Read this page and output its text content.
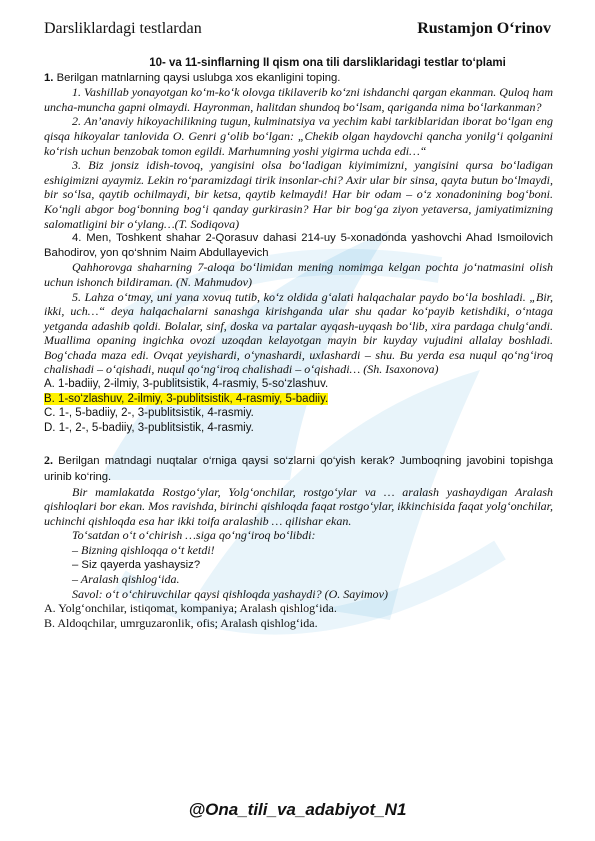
Darsliklardagi testlardan	Rustamjon O‘rinov
10- va 11-sinflarning II qism ona tili darsliklaridagi testlar to‘plami

1. Berilgan matnlarning qaysi uslubga xos ekanligini toping.

1. Vashillab yonayotgan ko‘m-ko‘k olovga tikilaverib ko‘zni ishdanchi qargan ekanman. Quloq ham uncha-muncha gapni olmaydi. Hayronman, halitdan shundoq bo‘lsam, qariganda nima bo‘larkanman?

2. An’anaviy hikoyachilikning tugun, kulminatsiya va yechim kabi tarkiblaridan iborat bo‘lgan eng qisqa hikoyalar tanlovida O. Genri g‘olib bo‘lgan: „Chekib olgan haydovchi qancha yonilg‘i qolganini ko‘rish uchun benzobak tomon egildi. Marhumning yoshi yigirma uchda edi…“

3. Biz jonsiz idish-tovoq, yangisini olsa bo‘ladigan kiyimimizni, yangisini qursa bo‘ladigan eshigimizni ayaymiz. Lekin ro‘paramizdagi tirik insonlar-chi? Axir ular bir sinsa, qayta butun bo‘lmaydi, bir so‘lsa, qaytib ochilmaydi, bir ketsa, qaytib kelmaydi! Har bir odam – o‘z xonadonining bog‘boni. Ko‘ngli abgor bog‘bonning bog‘i qanday gurkirasin? Har bir bog‘ga ziyon yetaversa, jamiyatimizning salomatligini bir o‘ylang…(T. Sodiqova)

4. Men, Toshkent shahar 2-Qorasuv dahasi 214-uy 5-xonadonda yashovchi Ahad Ismoilovich Bahodirov, yon qo‘shnim Naim Abdullayevich

Qahhorovga shaharning 7-aloqa bo‘limidan mening nomimga kelgan pochta jo‘natmasini olish uchun ishonch bildiraman. (N. Mahmudov)

5. Lahza o‘tmay, uni yana xovuq tutib, ko‘z oldida g‘alati halqachalar paydo bo‘la boshladi. „Bir, ikki, uch…“ deya halqachalarni sanashga kirishganda ular shu qadar ko‘payib ketishdiki, o‘ntaga yetganda adashib qoldi. Bolalar, sinf, doska va partalar ayqash-uyqash bo‘lib, xira pardaga chulg‘andi. Muallima opaning ingichka ovozi uzoqdan kelayotgan mayin bir kuyday vujudini allalay boshladi. Bog‘chada maza edi. Ovqat yeyishardi, o‘ynashardi, uxlashardi – shu. Bu yerda esa nuqul qo‘ng‘iroq chalishadi – o‘qishadi, nuqul qo‘ng‘iroq chalishadi – o‘qishadi… (Sh. Isaxonova)

A. 1-badiiy, 2-ilmiy, 3-publitsistik, 4-rasmiy, 5-so‘zlashuv.

B. 1-so‘zlashuv, 2-ilmiy, 3-publitsistik, 4-rasmiy, 5-badiiy.

C. 1-, 5-badiiy, 2-, 3-publitsistik, 4-rasmiy.

D. 1-, 2-, 5-badiiy, 3-publitsistik, 4-rasmiy.

2. Berilgan matndagi nuqtalar o‘rniga qaysi so‘zlarni qo‘yish kerak? Jumboqning javobini topishga urinib ko‘ring.

Bir mamlakatda Rostgo‘ylar, Yolg‘onchilar, rostgo‘ylar va … aralash yashaydigan Aralash qishloqlari bor ekan. Mos ravishda, birinchi qishloqda faqat rostgo‘ylar, ikkinchisida faqat yolg‘onchilar, uchinchi qishloqda esa har ikki toifa aralashib … qilishar ekan.

To‘satdan o‘t o‘chirish …siga qo‘ng‘iroq bo‘libdi:

– Bizning qishloqqa o‘t ketdi!

– Siz qayerda yashaysiz?

– Aralash qishlog‘ida.

Savol: o‘t o‘chiruvchilar qaysi qishloqda yashaydi? (O. Sayimov)

A. Yolg‘onchilar, istiqomat, kompaniya; Aralash qishlog‘ida.

B. Aldoqchilar, umrguzaronlik, ofis; Aralash qishlog‘ida.

@Ona_tili_va_adabiyot_N1
